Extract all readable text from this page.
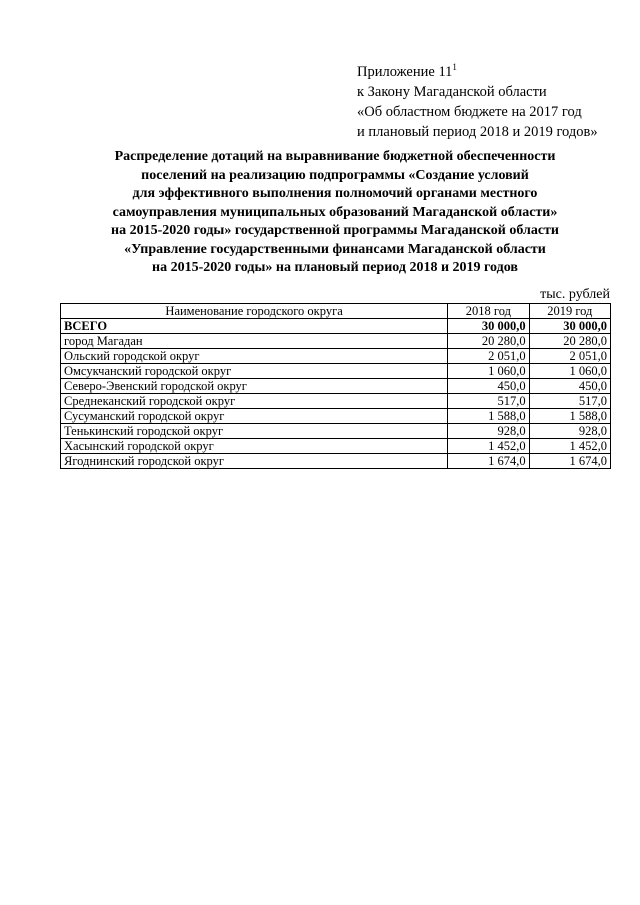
Приложение $11^1$
к Закону Магаданской области
«Об областном бюджете на 2017 год
и плановый период 2018 и 2019 годов»
Распределение дотаций на выравнивание бюджетной обеспеченности
поселений на реализацию подпрограммы «Создание условий
для эффективного выполнения полномочий органами местного
самоуправления муниципальных образований Магаданской области»
на 2015-2020 годы» государственной программы Магаданской области
«Управление государственными финансами Магаданской области
на 2015-2020 годы» на плановый период 2018 и 2019 годов
тыс. рублей
Наименование городского округа	2018 год	2019 год
ВСЕГО	30 000,0	30 000,0
город Магадан	20 280,0	20 280,0
Ольский городской округ	2 051,0	2 051,0
Омсукчанский городской округ	1 060,0	1 060,0
Северо-Эвенский городской округ	450,0	450,0
Среднеканский городской округ	517,0	517,0
Сусуманский городской округ	1 588,0	1 588,0
Тенькинский городской округ	928,0	928,0
Хасынский городской округ	1 452,0	1 452,0
Ягоднинский городской округ	1 674,0	1 674,0
